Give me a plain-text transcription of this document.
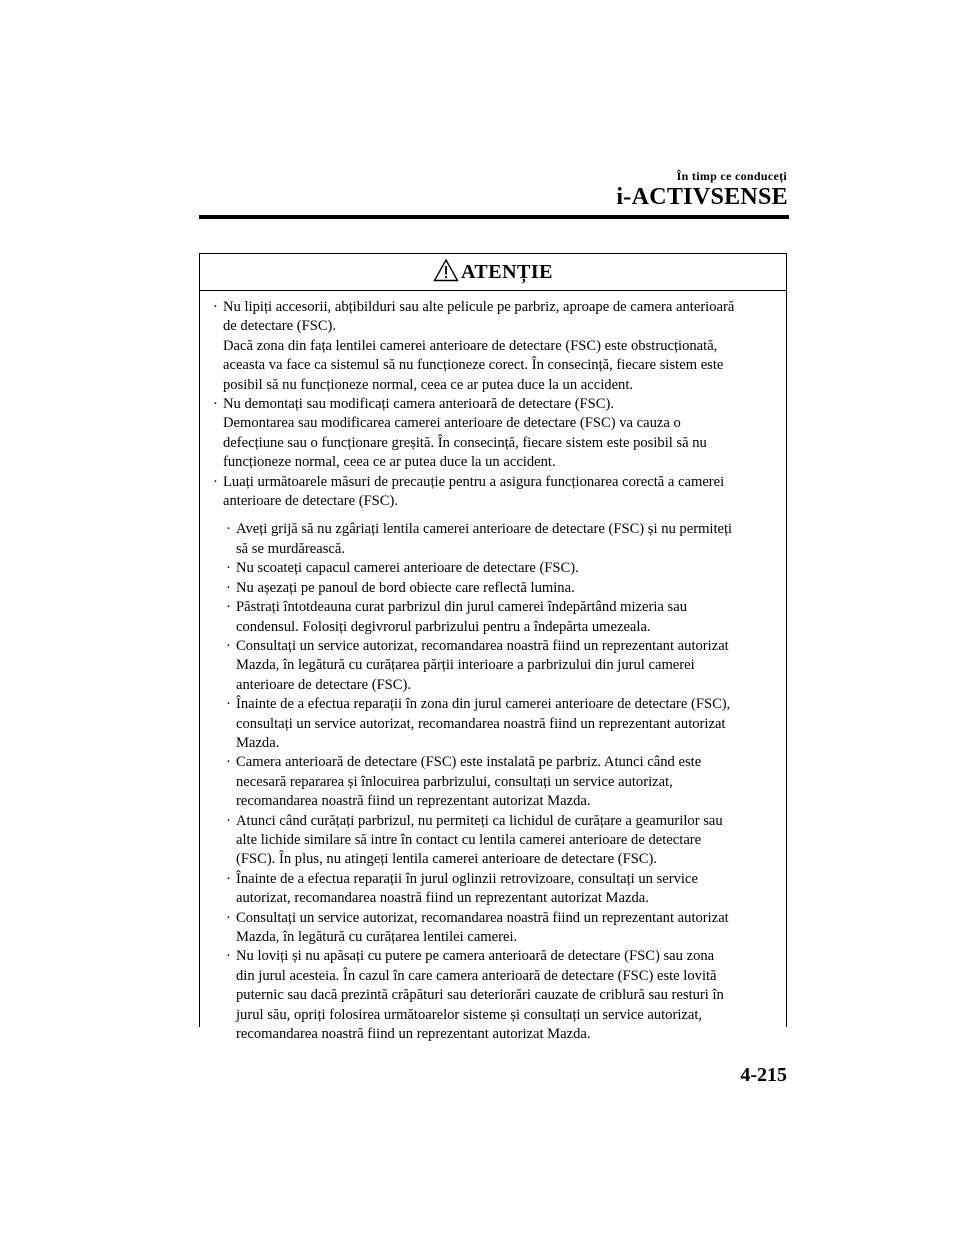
În timp ce conduceți
i-ACTIVSENSE
ATENȚIE
· Nu lipiți accesorii, abțibilduri sau alte pelicule pe parbriz, aproape de camera anterioară
de detectare (FSC).
Dacă zona din fața lentilei camerei anterioare de detectare (FSC) este obstrucționată,
aceasta va face ca sistemul să nu funcționeze corect. În consecință, fiecare sistem este
posibil să nu funcționeze normal, ceea ce ar putea duce la un accident.
· Nu demontați sau modificați camera anterioară de detectare (FSC).
Demontarea sau modificarea camerei anterioare de detectare (FSC) va cauza o
defecțiune sau o funcționare greșită. În consecință, fiecare sistem este posibil să nu
funcționeze normal, ceea ce ar putea duce la un accident.
· Luați următoarele măsuri de precauție pentru a asigura funcționarea corectă a camerei
anterioare de detectare (FSC).
· Aveți grijă să nu zgâriați lentila camerei anterioare de detectare (FSC) și nu permiteți
să se murdărească.
· Nu scoateți capacul camerei anterioare de detectare (FSC).
· Nu așezați pe panoul de bord obiecte care reflectă lumina.
· Păstrați întotdeauna curat parbrizul din jurul camerei îndepărtând mizeria sau
condensul. Folosiți degivrorul parbrizului pentru a îndepărta umezeala.
· Consultați un service autorizat, recomandarea noastră fiind un reprezentant autorizat
Mazda, în legătură cu curățarea părții interioare a parbrizului din jurul camerei
anterioare de detectare (FSC).
· Înainte de a efectua reparații în zona din jurul camerei anterioare de detectare (FSC),
consultați un service autorizat, recomandarea noastră fiind un reprezentant autorizat
Mazda.
· Camera anterioară de detectare (FSC) este instalată pe parbriz. Atunci când este
necesară repararea și înlocuirea parbrizului, consultați un service autorizat,
recomandarea noastră fiind un reprezentant autorizat Mazda.
· Atunci când curățați parbrizul, nu permiteți ca lichidul de curățare a geamurilor sau
alte lichide similare să intre în contact cu lentila camerei anterioare de detectare
(FSC). În plus, nu atingeți lentila camerei anterioare de detectare (FSC).
· Înainte de a efectua reparații în jurul oglinzii retrovizoare, consultați un service
autorizat, recomandarea noastră fiind un reprezentant autorizat Mazda.
· Consultați un service autorizat, recomandarea noastră fiind un reprezentant autorizat
Mazda, în legătură cu curățarea lentilei camerei.
· Nu loviți și nu apăsați cu putere pe camera anterioară de detectare (FSC) sau zona
din jurul acesteia. În cazul în care camera anterioară de detectare (FSC) este lovită
puternic sau dacă prezintă crăpături sau deteriorări cauzate de criblură sau resturi în
jurul său, opriți folosirea următoarelor sisteme și consultați un service autorizat,
recomandarea noastră fiind un reprezentant autorizat Mazda.
4-215
